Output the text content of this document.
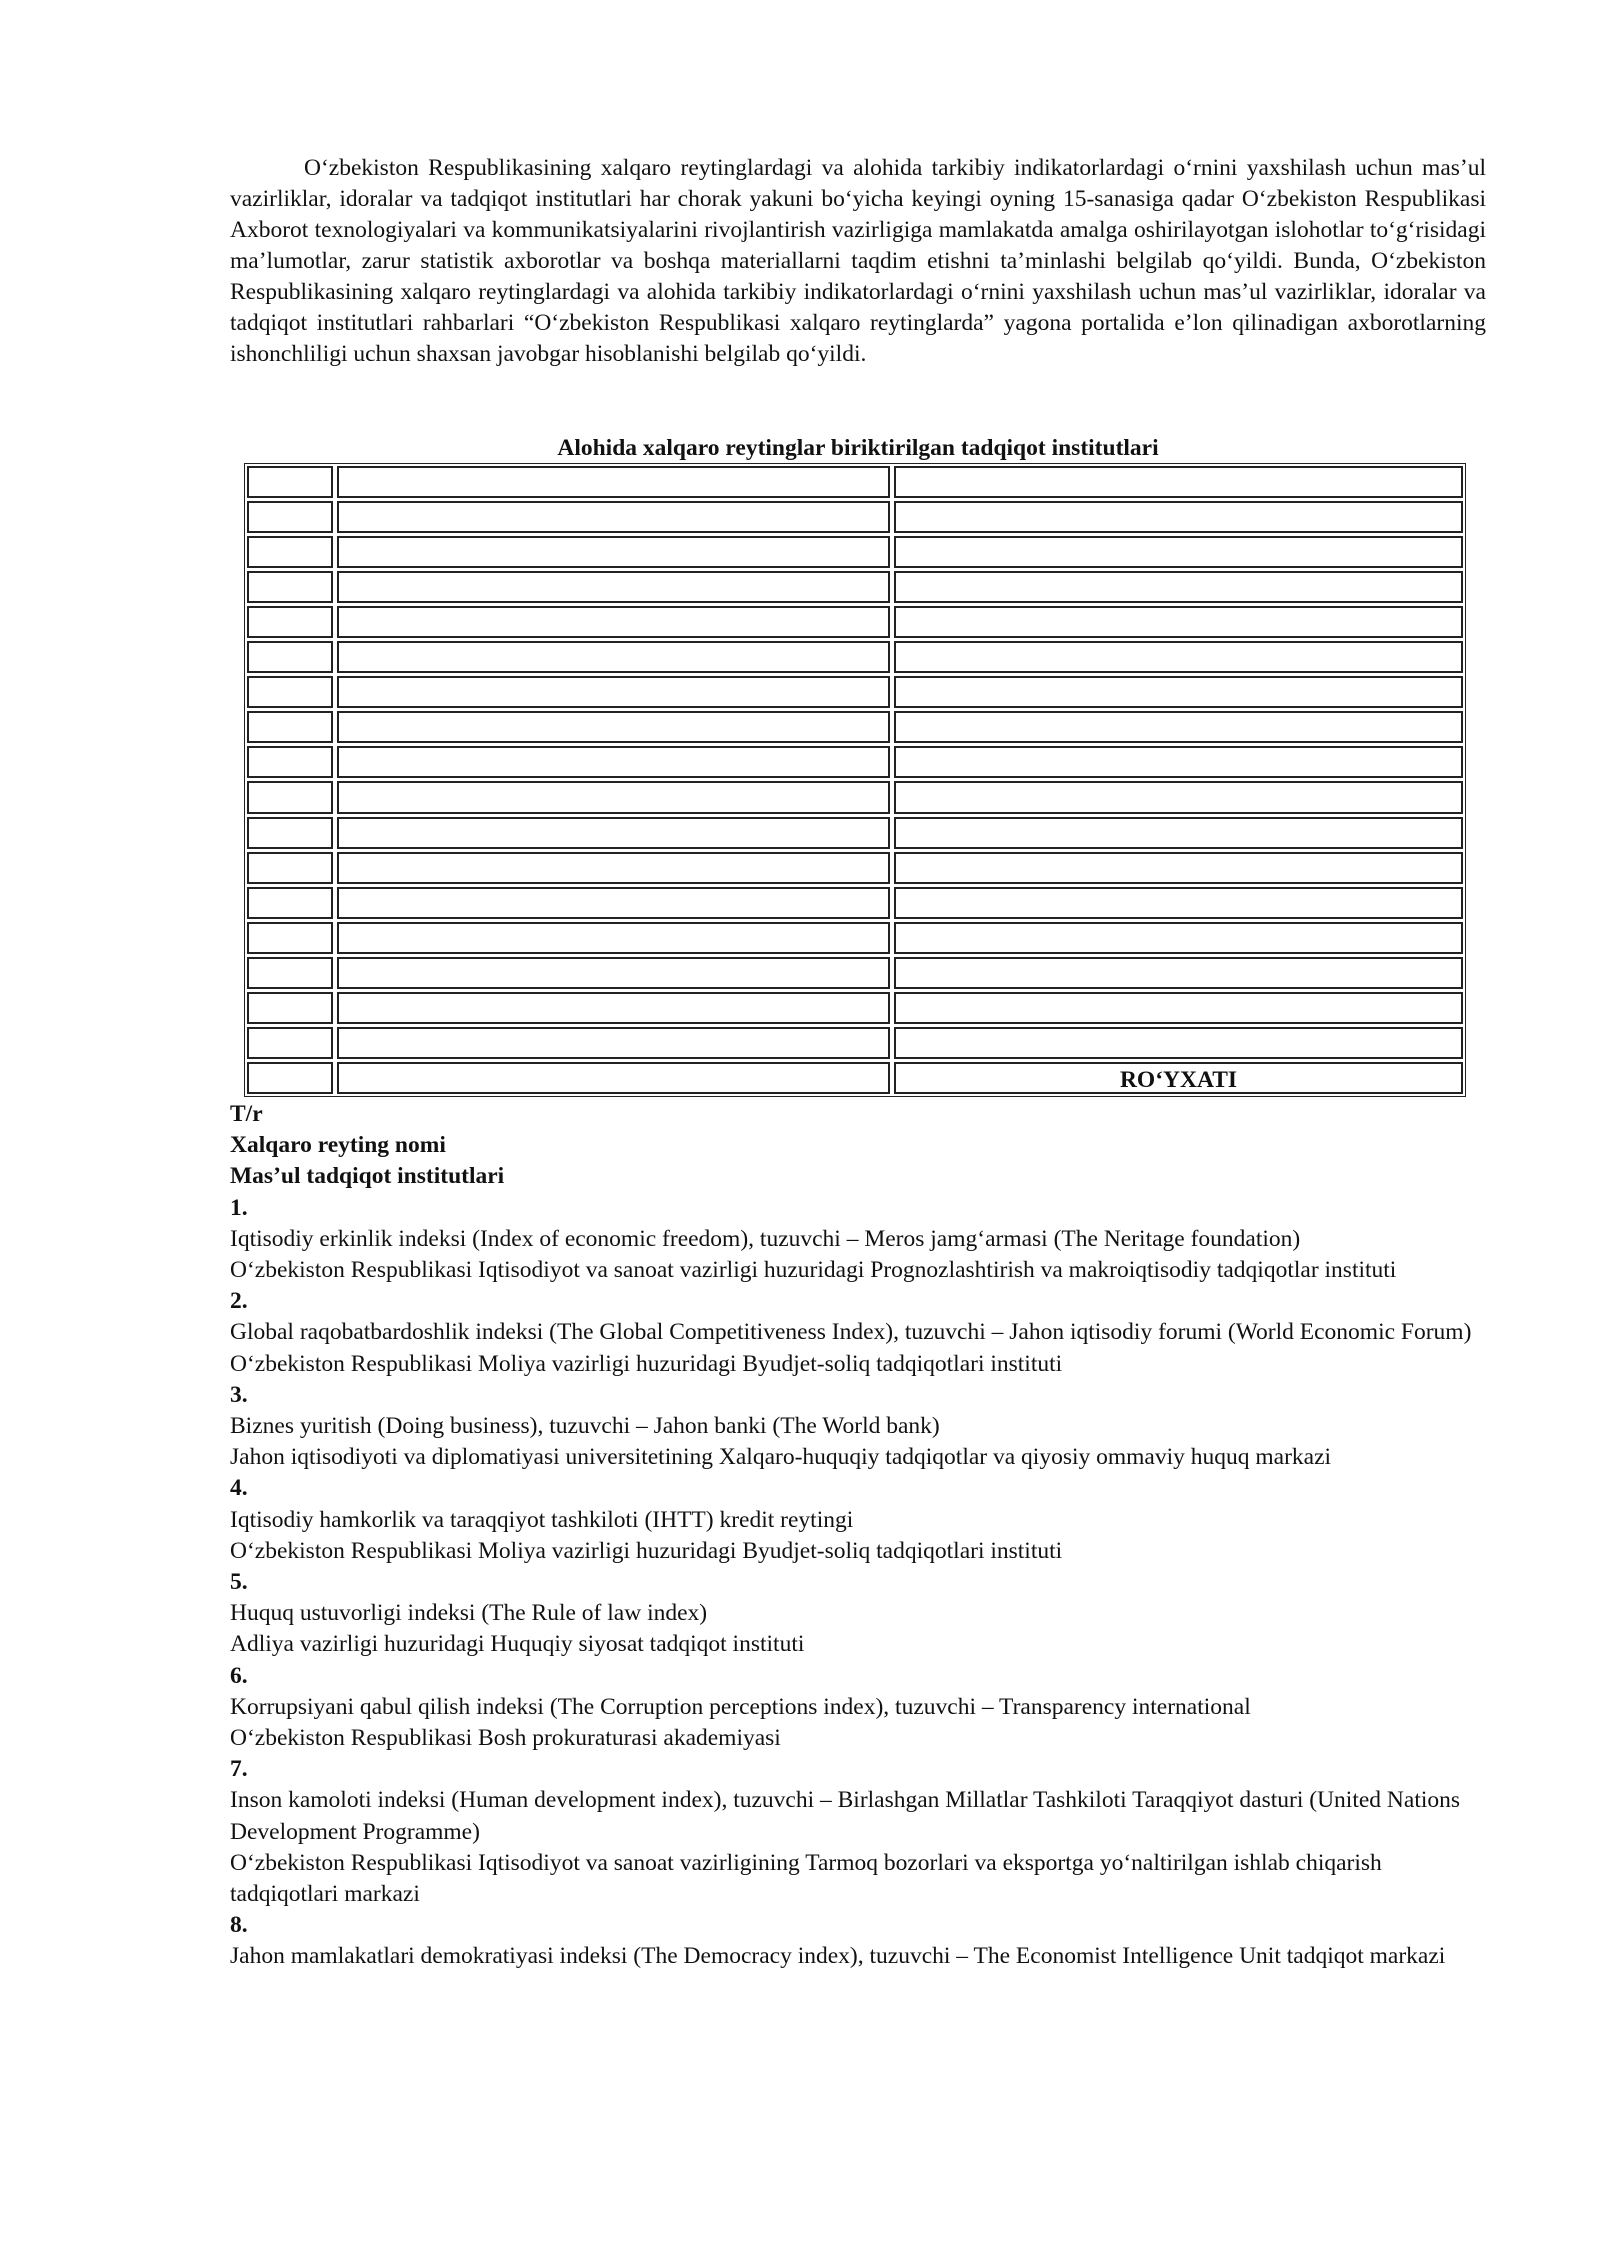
O‘zbekiston Respublikasining xalqaro reytinglardagi va alohida tarkibiy indikatorlardagi o‘rnini yaxshilash uchun mas’ul vazirliklar, idoralar va tadqiqot institutlari har chorak yakuni bo‘yicha keyingi oyning 15-sanasiga qadar O‘zbekiston Respublikasi Axborot texnologiyalari va kommunikatsiyalarini rivojlantirish vazirligiga mamlakatda amalga oshirilayotgan islohotlar to‘g‘risidagi ma’lumotlar, zarur statistik axborotlar va boshqa materiallarni taqdim etishni ta’minlashi belgilab qo‘yildi. Bunda, O‘zbekiston Respublikasining xalqaro reytinglardagi va alohida tarkibiy indikatorlardagi o‘rnini yaxshilash uchun mas’ul vazirliklar, idoralar va tadqiqot institutlari rahbarlari “O‘zbekiston Respublikasi xalqaro reytinglarda” yagona portalida e’lon qilinadigan axborotlarning ishonchliligi uchun shaxsan javobgar hisoblanishi belgilab qo‘yildi.

Alohida xalqaro reytinglar biriktirilgan tadqiqot institutlari

RO‘YXATI
T/r
Xalqaro reyting nomi
Mas’ul tadqiqot institutlari
1.
Iqtisodiy erkinlik indeksi (Index of economic freedom), tuzuvchi – Meros jamg‘armasi (The Neritage foundation)
O‘zbekiston Respublikasi Iqtisodiyot va sanoat vazirligi huzuridagi Prognozlashtirish va makroiqtisodiy tadqiqotlar instituti
2.
Global raqobatbardoshlik indeksi (The Global Competitiveness Index), tuzuvchi – Jahon iqtisodiy forumi (World Economic Forum)
O‘zbekiston Respublikasi Moliya vazirligi huzuridagi Byudjet-soliq tadqiqotlari instituti
3.
Biznes yuritish (Doing business), tuzuvchi – Jahon banki (The World bank)
Jahon iqtisodiyoti va diplomatiyasi universitetining Xalqaro-huquqiy tadqiqotlar va qiyosiy ommaviy huquq markazi
4.
Iqtisodiy hamkorlik va taraqqiyot tashkiloti (IHTT) kredit reytingi
O‘zbekiston Respublikasi Moliya vazirligi huzuridagi Byudjet-soliq tadqiqotlari instituti
5.
Huquq ustuvorligi indeksi (The Rule of law index)
Adliya vazirligi huzuridagi Huquqiy siyosat tadqiqot instituti
6.
Korrupsiyani qabul qilish indeksi (The Corruption perceptions index), tuzuvchi – Transparency international
O‘zbekiston Respublikasi Bosh prokuraturasi akademiyasi
7.
Inson kamoloti indeksi (Human development index), tuzuvchi – Birlashgan Millatlar Tashkiloti Taraqqiyot dasturi (United Nations Development Programme)
O‘zbekiston Respublikasi Iqtisodiyot va sanoat vazirligining Tarmoq bozorlari va eksportga yo‘naltirilgan ishlab chiqarish tadqiqotlari markazi
8.
Jahon mamlakatlari demokratiyasi indeksi (The Democracy index), tuzuvchi – The Economist Intelligence Unit tadqiqot markazi
